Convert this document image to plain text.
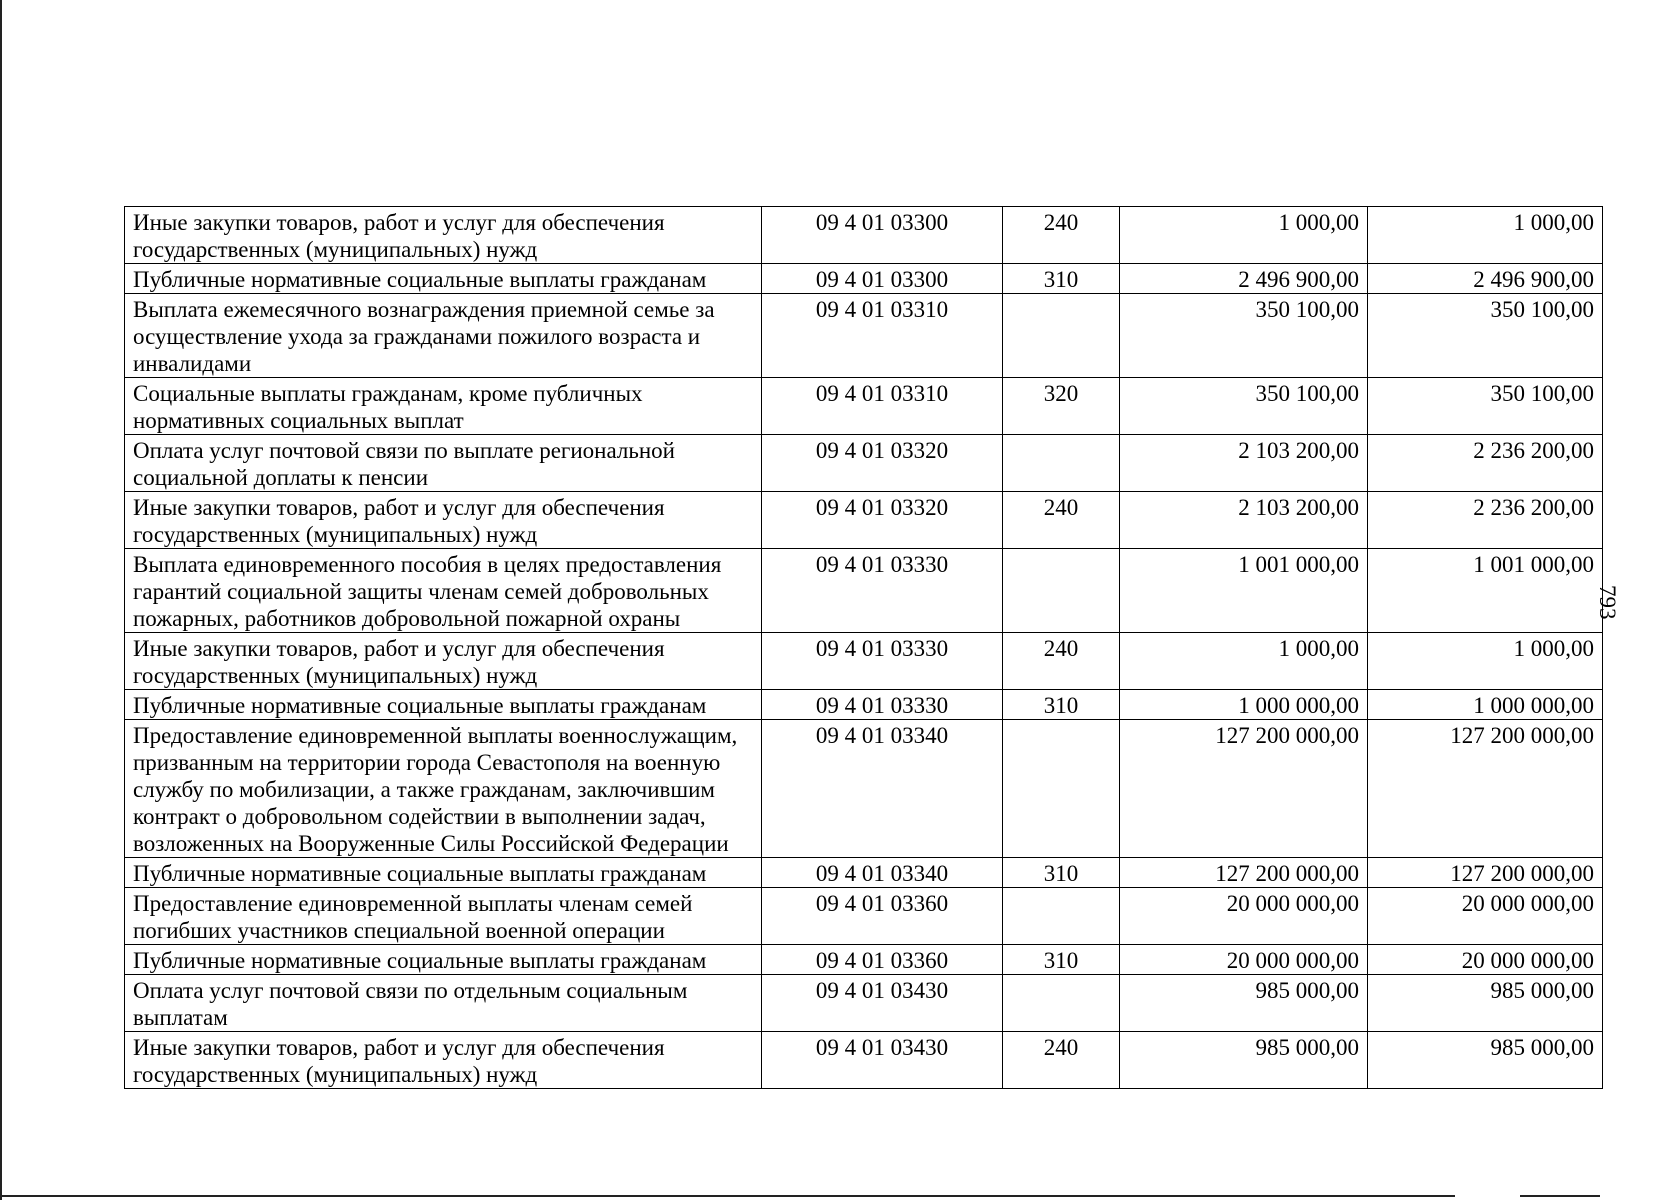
793
Иные закупки товаров, работ и услуг для обеспечения государственных (муниципальных) нужд	09 4 01 03300	240	1 000,00	1 000,00
Публичные нормативные социальные выплаты гражданам	09 4 01 03300	310	2 496 900,00	2 496 900,00
Выплата ежемесячного вознаграждения приемной семье за осуществление ухода за гражданами пожилого возраста и инвалидами	09 4 01 03310		350 100,00	350 100,00
Социальные выплаты гражданам, кроме публичных нормативных социальных выплат	09 4 01 03310	320	350 100,00	350 100,00
Оплата услуг почтовой связи по выплате региональной социальной доплаты к пенсии	09 4 01 03320		2 103 200,00	2 236 200,00
Иные закупки товаров, работ и услуг для обеспечения государственных (муниципальных) нужд	09 4 01 03320	240	2 103 200,00	2 236 200,00
Выплата единовременного пособия в целях предоставления гарантий социальной защиты членам семей добровольных пожарных, работников добровольной пожарной охраны	09 4 01 03330		1 001 000,00	1 001 000,00
Иные закупки товаров, работ и услуг для обеспечения государственных (муниципальных) нужд	09 4 01 03330	240	1 000,00	1 000,00
Публичные нормативные социальные выплаты гражданам	09 4 01 03330	310	1 000 000,00	1 000 000,00
Предоставление единовременной выплаты военнослужащим, призванным на территории города Севастополя на военную службу по мобилизации, а также гражданам, заключившим контракт о добровольном содействии в выполнении задач, возложенных на Вооруженные Силы Российской Федерации	09 4 01 03340		127 200 000,00	127 200 000,00
Публичные нормативные социальные выплаты гражданам	09 4 01 03340	310	127 200 000,00	127 200 000,00
Предоставление единовременной выплаты членам семей погибших участников специальной военной операции	09 4 01 03360		20 000 000,00	20 000 000,00
Публичные нормативные социальные выплаты гражданам	09 4 01 03360	310	20 000 000,00	20 000 000,00
Оплата услуг почтовой связи по отдельным социальным выплатам	09 4 01 03430		985 000,00	985 000,00
Иные закупки товаров, работ и услуг для обеспечения государственных (муниципальных) нужд	09 4 01 03430	240	985 000,00	985 000,00
